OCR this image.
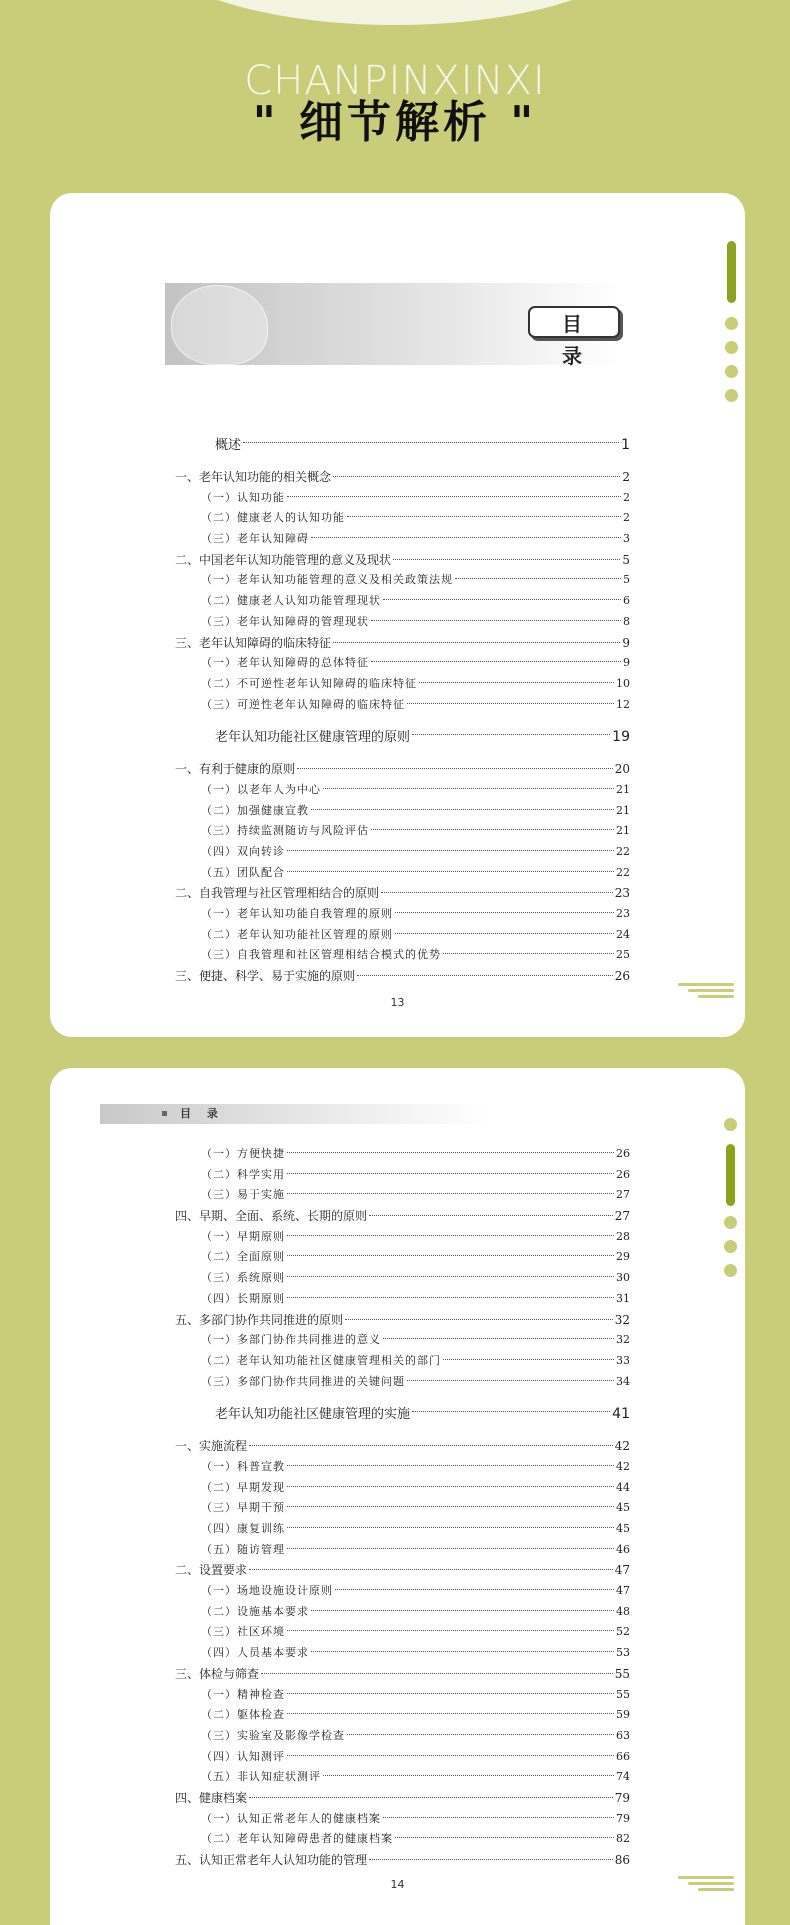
CHANPINXINXI
" 细节解析 "
目 录
概述	1
一、老年认知功能的相关概念	2
（一）认知功能	2
（二）健康老人的认知功能	2
（三）老年认知障碍	3
二、中国老年认知功能管理的意义及现状	5
（一）老年认知功能管理的意义及相关政策法规	5
（二）健康老人认知功能管理现状	6
（三）老年认知障碍的管理现状	8
三、老年认知障碍的临床特征	9
（一）老年认知障碍的总体特征	9
（二）不可逆性老年认知障碍的临床特征	10
（三）可逆性老年认知障碍的临床特征	12
老年认知功能社区健康管理的原则	19
一、有利于健康的原则	20
（一）以老年人为中心	21
（二）加强健康宣教	21
（三）持续监测随访与风险评估	21
（四）双向转诊	22
（五）团队配合	22
二、自我管理与社区管理相结合的原则	23
（一）老年认知功能自我管理的原则	23
（二）老年认知功能社区管理的原则	24
（三）自我管理和社区管理相结合模式的优势	25
三、便捷、科学、易于实施的原则	26
13
目 录
（一）方便快捷	26
（二）科学实用	26
（三）易于实施	27
四、早期、全面、系统、长期的原则	27
（一）早期原则	28
（二）全面原则	29
（三）系统原则	30
（四）长期原则	31
五、多部门协作共同推进的原则	32
（一）多部门协作共同推进的意义	32
（二）老年认知功能社区健康管理相关的部门	33
（三）多部门协作共同推进的关键问题	34
老年认知功能社区健康管理的实施	41
一、实施流程	42
（一）科普宣教	42
（二）早期发现	44
（三）早期干预	45
（四）康复训练	45
（五）随访管理	46
二、设置要求	47
（一）场地设施设计原则	47
（二）设施基本要求	48
（三）社区环境	52
（四）人员基本要求	53
三、体检与筛查	55
（一）精神检查	55
（二）躯体检查	59
（三）实验室及影像学检查	63
（四）认知测评	66
（五）非认知症状测评	74
四、健康档案	79
（一）认知正常老年人的健康档案	79
（二）老年认知障碍患者的健康档案	82
五、认知正常老年人认知功能的管理	86
14
